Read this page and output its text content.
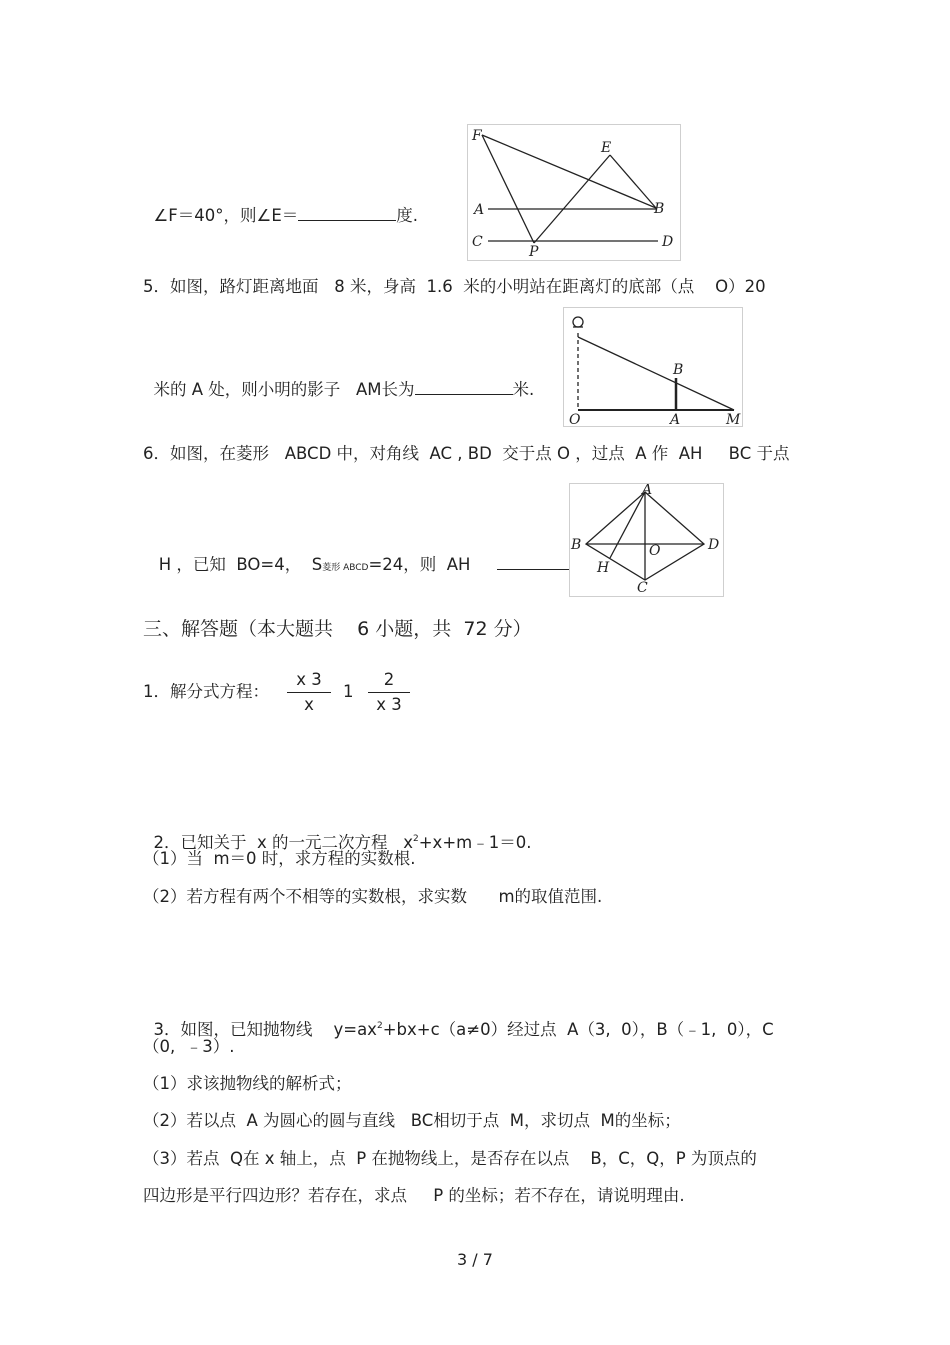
∠F＝40°，则∠E＝	度.

F
E
A	B
C
P
D
5．如图，路灯距离地面   8 米，身高  1.6  米的小明站在距离灯的底部（点    O）20

米的 A 处，则小明的影子   AM长为	米.

B
O	A	M
6．如图，在菱形   ABCD 中，对角线  AC , BD  交于点 O ，过点  A 作  AH     BC 于点

H ，已知  BO=4，  S菱形 ABCD=24，则  AH

A
B	O	D
H
C
三、解答题（本大题共    6 小题，共  72 分）
1．解分式方程：
x 3
x
1
2
x 3

2．已知关于  x 的一元二次方程   $x^2+x+m﹣1=0$.

（1）当  m＝0 时，求方程的实数根.
（2）若方程有两个不相等的实数根，求实数      m的取值范围.

3．如图，已知抛物线    $y=ax^2+bx+c(a\ne 0)$经过点  A（3,  0），B（﹣1,  0），C

（0,  ﹣3）.
（1）求该抛物线的解析式；
（2）若以点  A 为圆心的圆与直线   BC相切于点  M，求切点  M的坐标；
（3）若点  Q在 x 轴上，点  P 在抛物线上，是否存在以点    B，C，Q，P 为顶点的
四边形是平行四边形？若存在，求点     P 的坐标；若不存在，请说明理由.
3 / 7
